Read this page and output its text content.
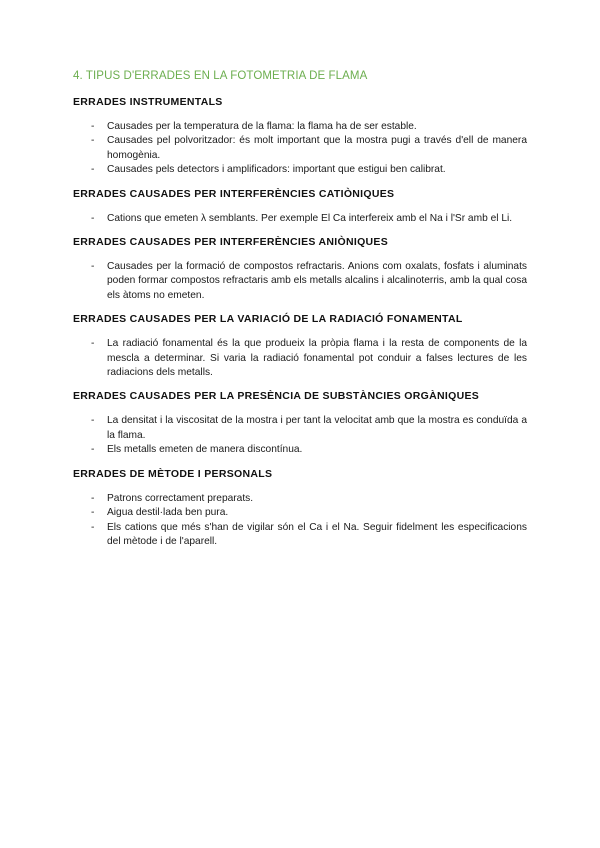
4. TIPUS D'ERRADES EN LA FOTOMETRIA DE FLAMA
ERRADES INSTRUMENTALS
- Causades per la temperatura de la flama: la flama ha de ser estable.
- Causades pel polvoritzador: és molt important que la mostra pugi a través d'ell de manera homogènia.
- Causades pels detectors i amplificadors: important que estigui ben calibrat.
ERRADES CAUSADES PER INTERFERÈNCIES CATIÒNIQUES
- Cations que emeten λ semblants. Per exemple El Ca interfereix amb el Na i l'Sr amb el Li.
ERRADES CAUSADES PER INTERFERÈNCIES ANIÒNIQUES
- Causades per la formació de compostos refractaris. Anions com oxalats, fosfats i aluminats poden formar compostos refractaris amb els metalls alcalins i alcalinoterris, amb la qual cosa els àtoms no emeten.
ERRADES CAUSADES PER LA VARIACIÓ DE LA RADIACIÓ FONAMENTAL
- La radiació fonamental és la que produeix la pròpia flama i la resta de components de la mescla a determinar. Si varia la radiació fonamental pot conduir a falses lectures de les radiacions dels metalls.
ERRADES CAUSADES PER LA PRESÈNCIA DE SUBSTÀNCIES ORGÀNIQUES
- La densitat i la viscositat de la mostra i per tant la velocitat amb que la mostra es conduïda a la flama.
- Els metalls emeten de manera discontínua.
ERRADES DE MÈTODE I PERSONALS
- Patrons correctament preparats.
- Aigua destil·lada ben pura.
- Els cations que més s'han de vigilar són el Ca i el Na. Seguir fidelment les especificacions del mètode i de l'aparell.
